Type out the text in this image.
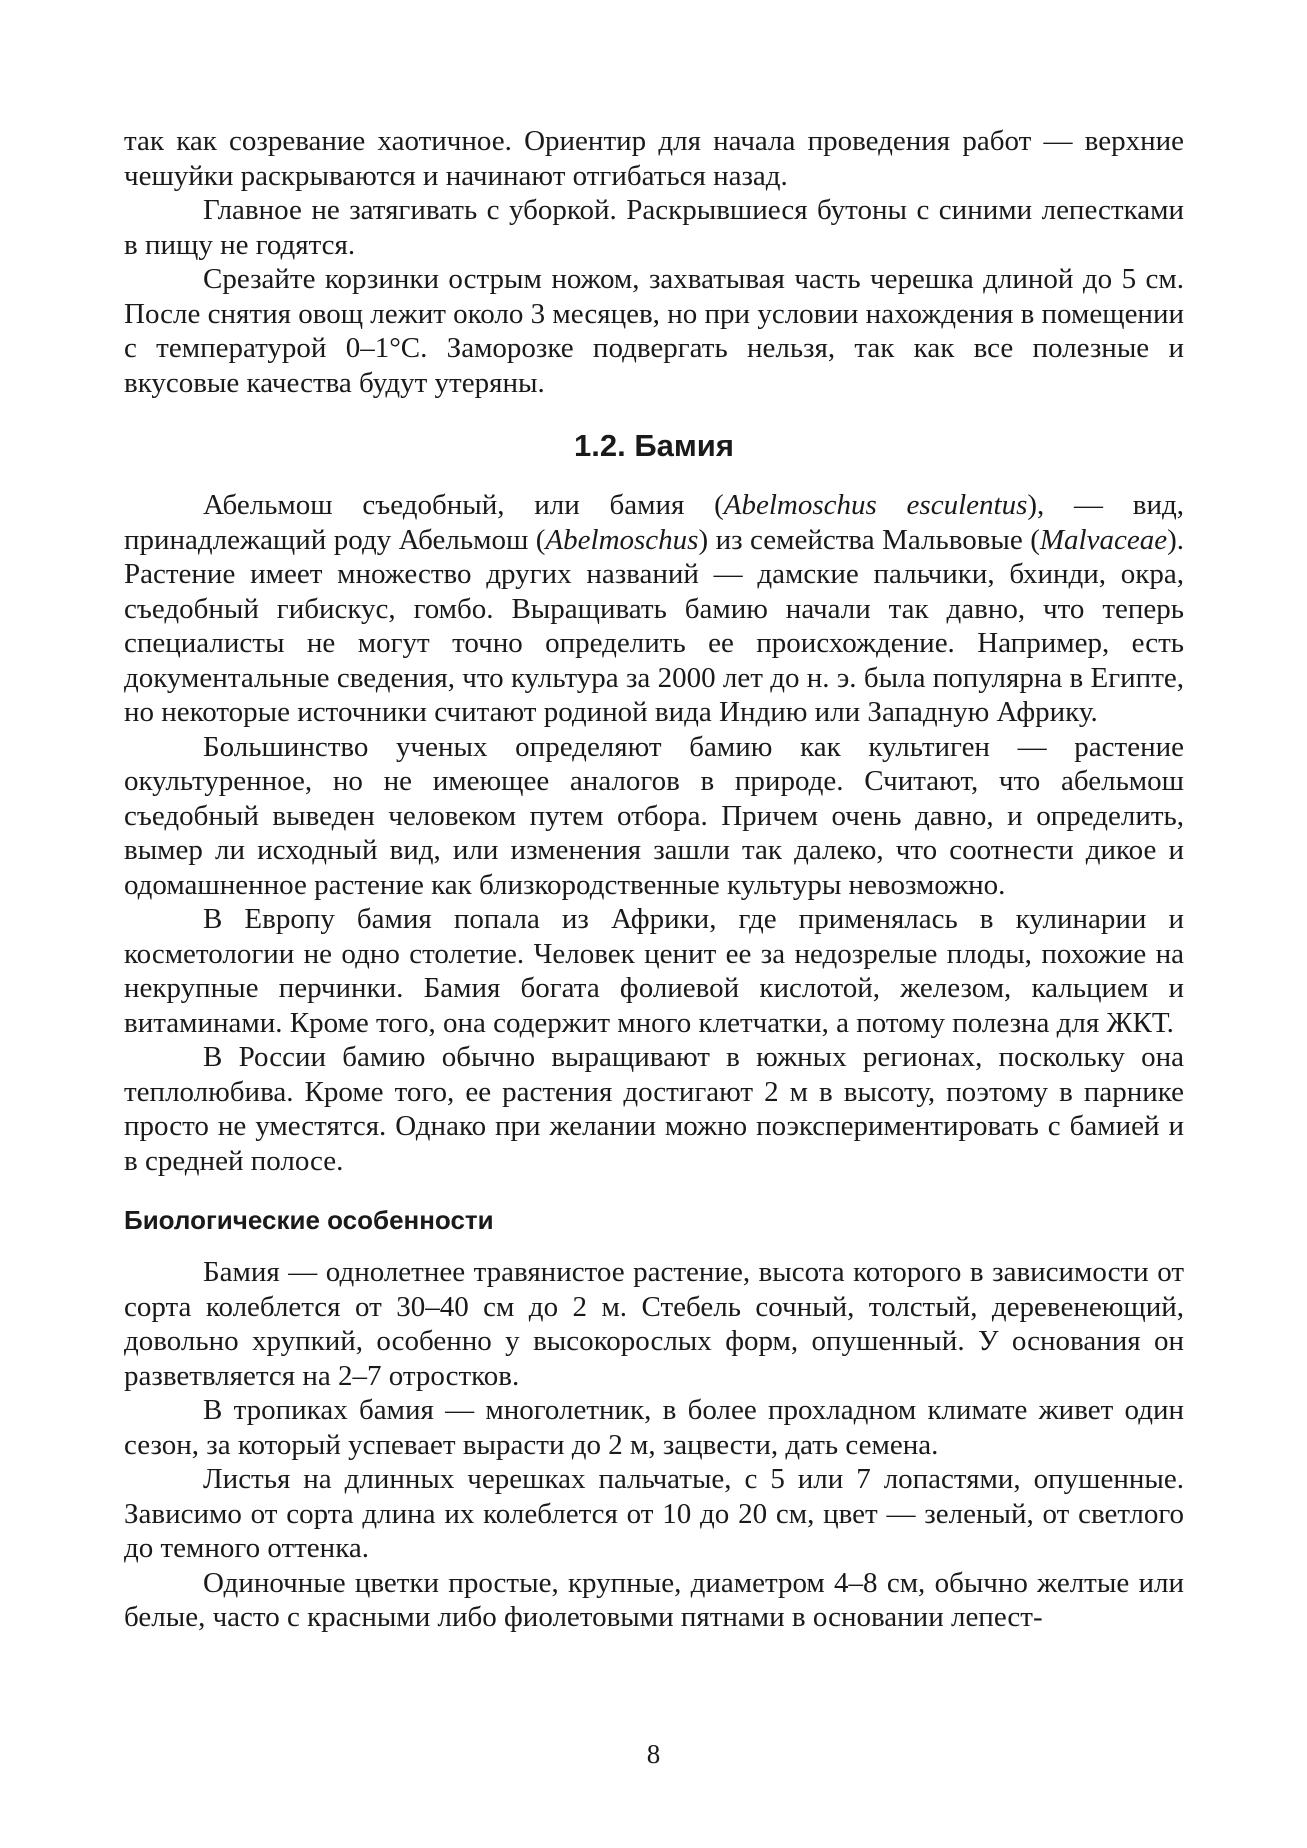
так как созревание хаотичное. Ориентир для начала проведения работ — верхние чешуйки раскрываются и начинают отгибаться назад.

Главное не затягивать с уборкой. Раскрывшиеся бутоны с синими лепестками в пищу не годятся.

Срезайте корзинки острым ножом, захватывая часть черешка длиной до 5 см. После снятия овощ лежит около 3 месяцев, но при условии нахождения в помещении с температурой 0–1°С. Заморозке подвергать нельзя, так как все полезные и вкусовые качества будут утеряны.

1.2. Бамия

Абельмош съедобный, или бамия (Abelmoschus esculentus), — вид, принадлежащий роду Абельмош (Abelmoschus) из семейства Мальвовые (Malvaceae). Растение имеет множество других названий — дамские пальчики, бхинди, окра, съедобный гибискус, гомбо. Выращивать бамию начали так давно, что теперь специалисты не могут точно определить ее происхождение. Например, есть документальные сведения, что культура за 2000 лет до н. э. была популярна в Египте, но некоторые источники считают родиной вида Индию или Западную Африку.

Большинство ученых определяют бамию как культиген — растение окультуренное, но не имеющее аналогов в природе. Считают, что абельмош съедобный выведен человеком путем отбора. Причем очень давно, и определить, вымер ли исходный вид, или изменения зашли так далеко, что соотнести дикое и одомашненное растение как близкородственные культуры невозможно.

В Европу бамия попала из Африки, где применялась в кулинарии и косметологии не одно столетие. Человек ценит ее за недозрелые плоды, похожие на некрупные перчинки. Бамия богата фолиевой кислотой, железом, кальцием и витаминами. Кроме того, она содержит много клетчатки, а потому полезна для ЖКТ.

В России бамию обычно выращивают в южных регионах, поскольку она теплолюбива. Кроме того, ее растения достигают 2 м в высоту, поэтому в парнике просто не уместятся. Однако при желании можно поэкспериментировать с бамией и в средней полосе.

Биологические особенности

Бамия — однолетнее травянистое растение, высота которого в зависимости от сорта колеблется от 30–40 см до 2 м. Стебель сочный, толстый, деревенеющий, довольно хрупкий, особенно у высокорослых форм, опушенный. У основания он разветвляется на 2–7 отростков.

В тропиках бамия — многолетник, в более прохладном климате живет один сезон, за который успевает вырасти до 2 м, зацвести, дать семена.

Листья на длинных черешках пальчатые, с 5 или 7 лопастями, опушенные. Зависимо от сорта длина их колеблется от 10 до 20 см, цвет — зеленый, от светлого до темного оттенка.

Одиночные цветки простые, крупные, диаметром 4–8 см, обычно желтые или белые, часто с красными либо фиолетовыми пятнами в основании лепест-

8
